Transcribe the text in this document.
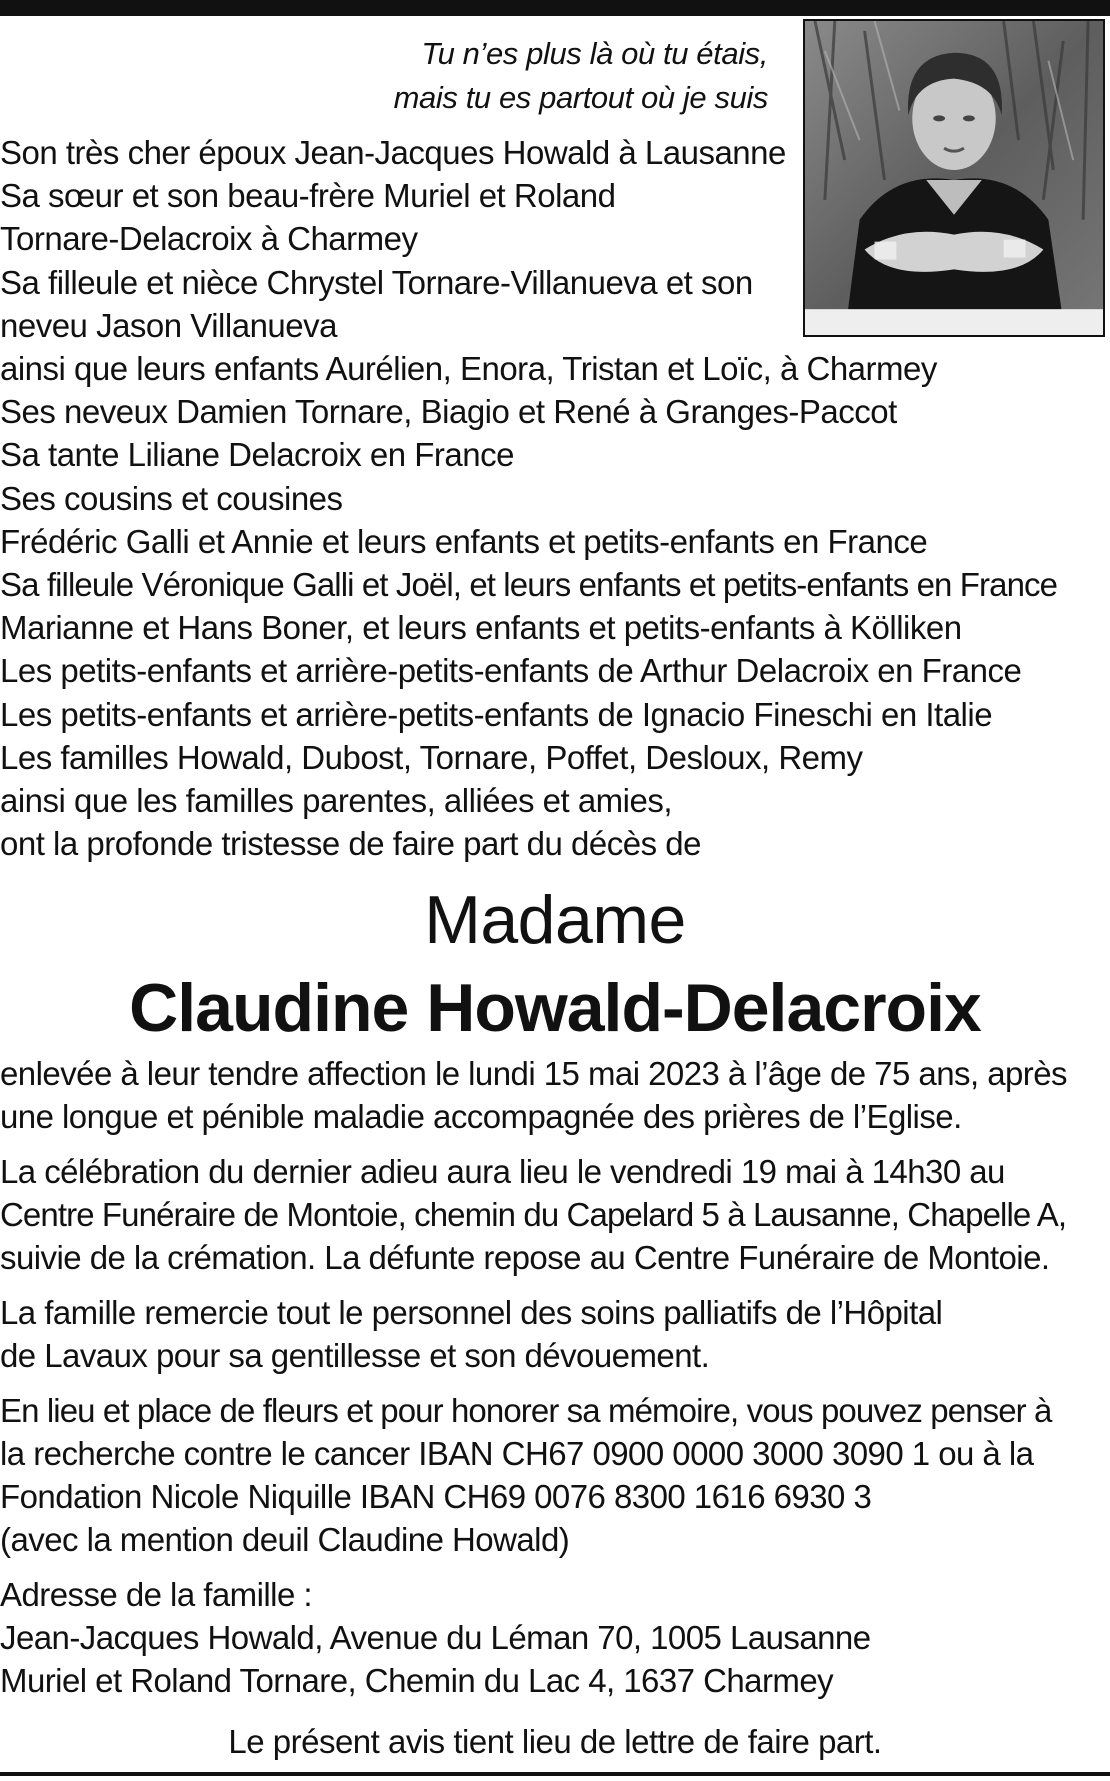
Tu n’es plus là où tu étais,
mais tu es partout où je suis
Son très cher époux Jean-Jacques Howald à Lausanne
Sa sœur et son beau-frère Muriel et Roland
Tornare-Delacroix à Charmey
Sa filleule et nièce Chrystel Tornare-Villanueva et son
neveu Jason Villanueva
ainsi que leurs enfants Aurélien, Enora, Tristan et Loïc, à Charmey
Ses neveux Damien Tornare, Biagio et René à Granges-Paccot
Sa tante Liliane Delacroix en France
Ses cousins et cousines
Frédéric Galli et Annie et leurs enfants et petits-enfants en France
Sa filleule Véronique Galli et Joël, et leurs enfants et petits-enfants en France
Marianne et Hans Boner, et leurs enfants et petits-enfants à Kölliken
Les petits-enfants et arrière-petits-enfants de Arthur Delacroix en France
Les petits-enfants et arrière-petits-enfants de Ignacio Fineschi en Italie
Les familles Howald, Dubost, Tornare, Poffet, Desloux, Remy
ainsi que les familles parentes, alliées et amies,
ont la profonde tristesse de faire part du décès de
Madame
Claudine Howald-Delacroix
enlevée à leur tendre affection le lundi 15 mai 2023 à l’âge de 75 ans, après
une longue et pénible maladie accompagnée des prières de l’Eglise.
La célébration du dernier adieu aura lieu le vendredi 19 mai à 14h30 au
Centre Funéraire de Montoie, chemin du Capelard 5 à Lausanne, Chapelle A,
suivie de la crémation. La défunte repose au Centre Funéraire de Montoie.
La famille remercie tout le personnel des soins palliatifs de l’Hôpital
de Lavaux pour sa gentillesse et son dévouement.
En lieu et place de fleurs et pour honorer sa mémoire, vous pouvez penser à
la recherche contre le cancer IBAN CH67 0900 0000 3000 3090 1 ou à la
Fondation Nicole Niquille IBAN CH69 0076 8300 1616 6930 3
(avec la mention deuil Claudine Howald)
Adresse de la famille :
Jean-Jacques Howald, Avenue du Léman 70, 1005 Lausanne
Muriel et Roland Tornare, Chemin du Lac 4, 1637 Charmey
Le présent avis tient lieu de lettre de faire part.
